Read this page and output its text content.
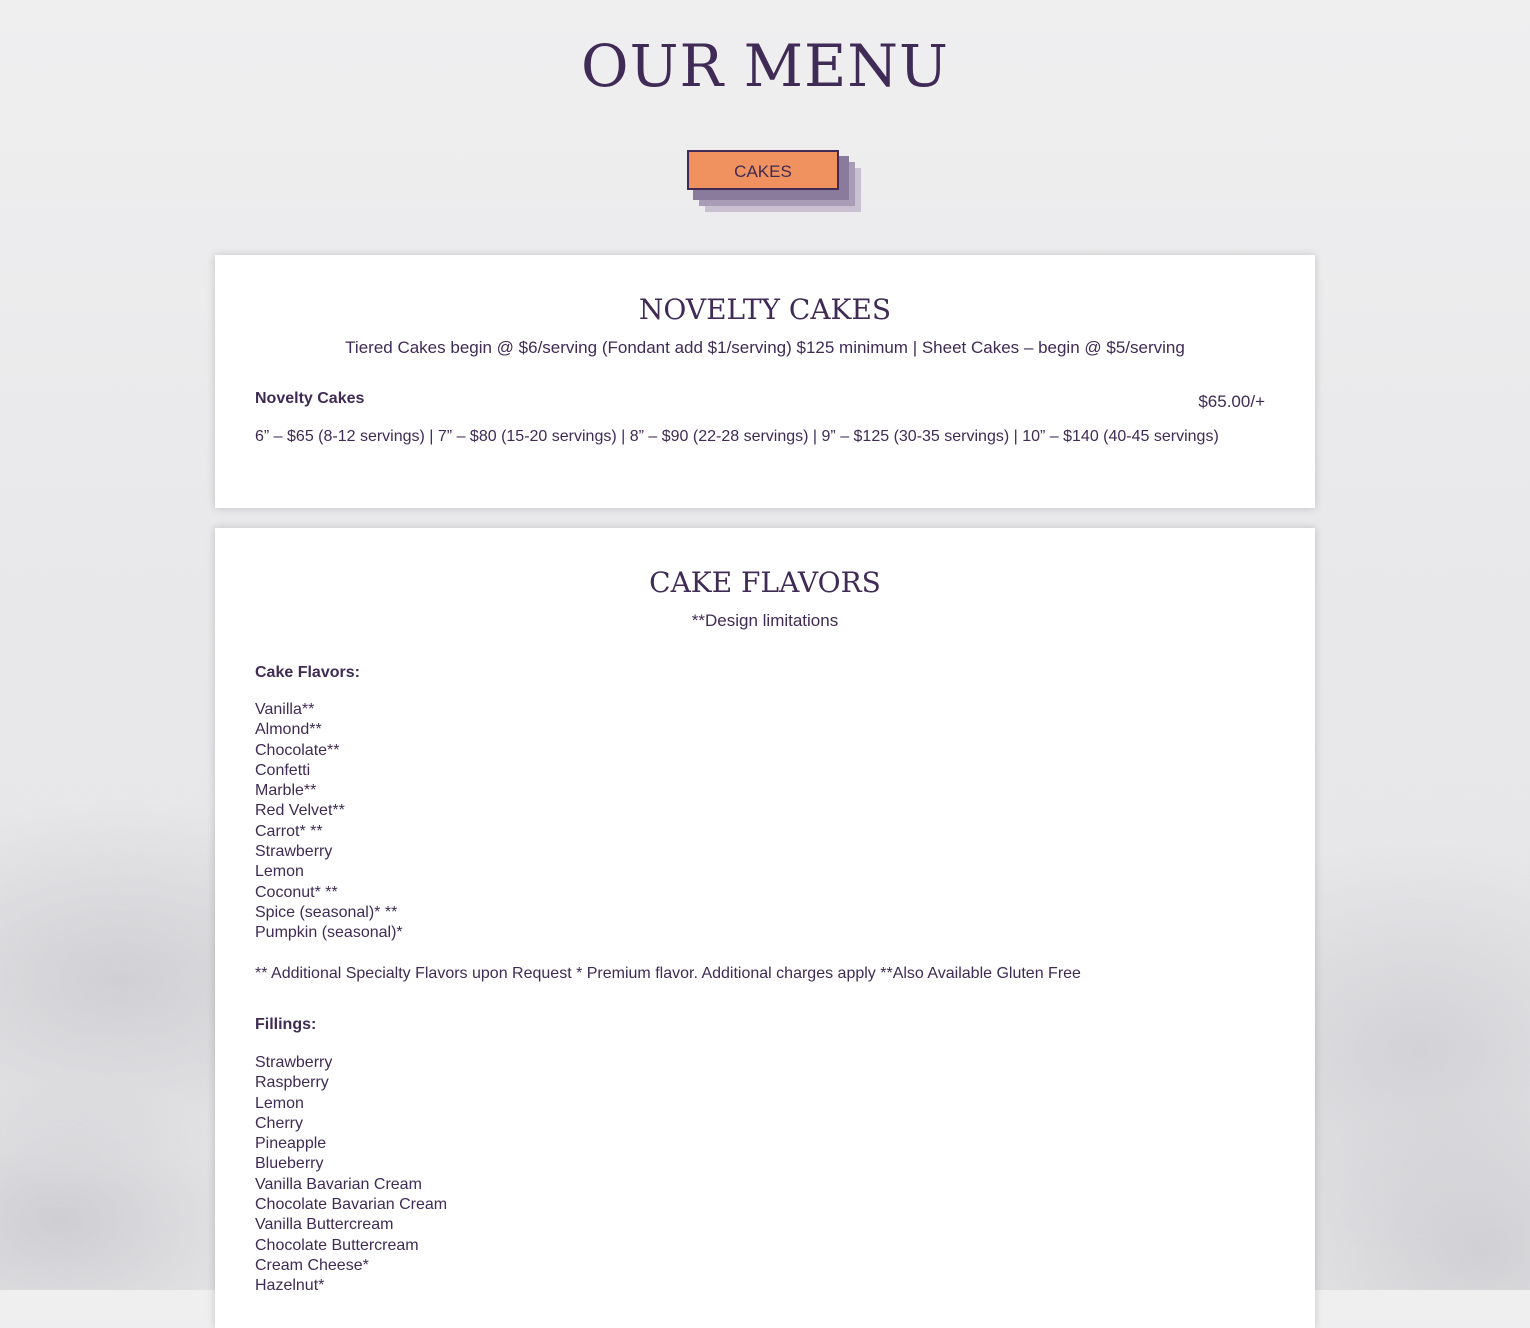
OUR MENU
CAKES
NOVELTY CAKES

Tiered Cakes begin @ $6/serving (Fondant add $1/serving) $125 minimum | Sheet Cakes – begin @ $5/serving

Novelty Cakes	$65.00/+
6” – $65 (8-12 servings) | 7” – $80 (15-20 servings) | 8” – $90 (22-28 servings) | 9” – $125 (30-35 servings) | 10” – $140 (40-45 servings)
CAKE FLAVORS

**Design limitations

Cake Flavors:
Vanilla**
Almond**
Chocolate**
Confetti
Marble**
Red Velvet**
Carrot* **
Strawberry
Lemon
Coconut* **
Spice (seasonal)* **
Pumpkin (seasonal)*
** Additional Specialty Flavors upon Request * Premium flavor. Additional charges apply **Also Available Gluten Free
Fillings:
Strawberry
Raspberry
Lemon
Cherry
Pineapple
Blueberry
Vanilla Bavarian Cream
Chocolate Bavarian Cream
Vanilla Buttercream
Chocolate Buttercream
Cream Cheese*
Hazelnut*
